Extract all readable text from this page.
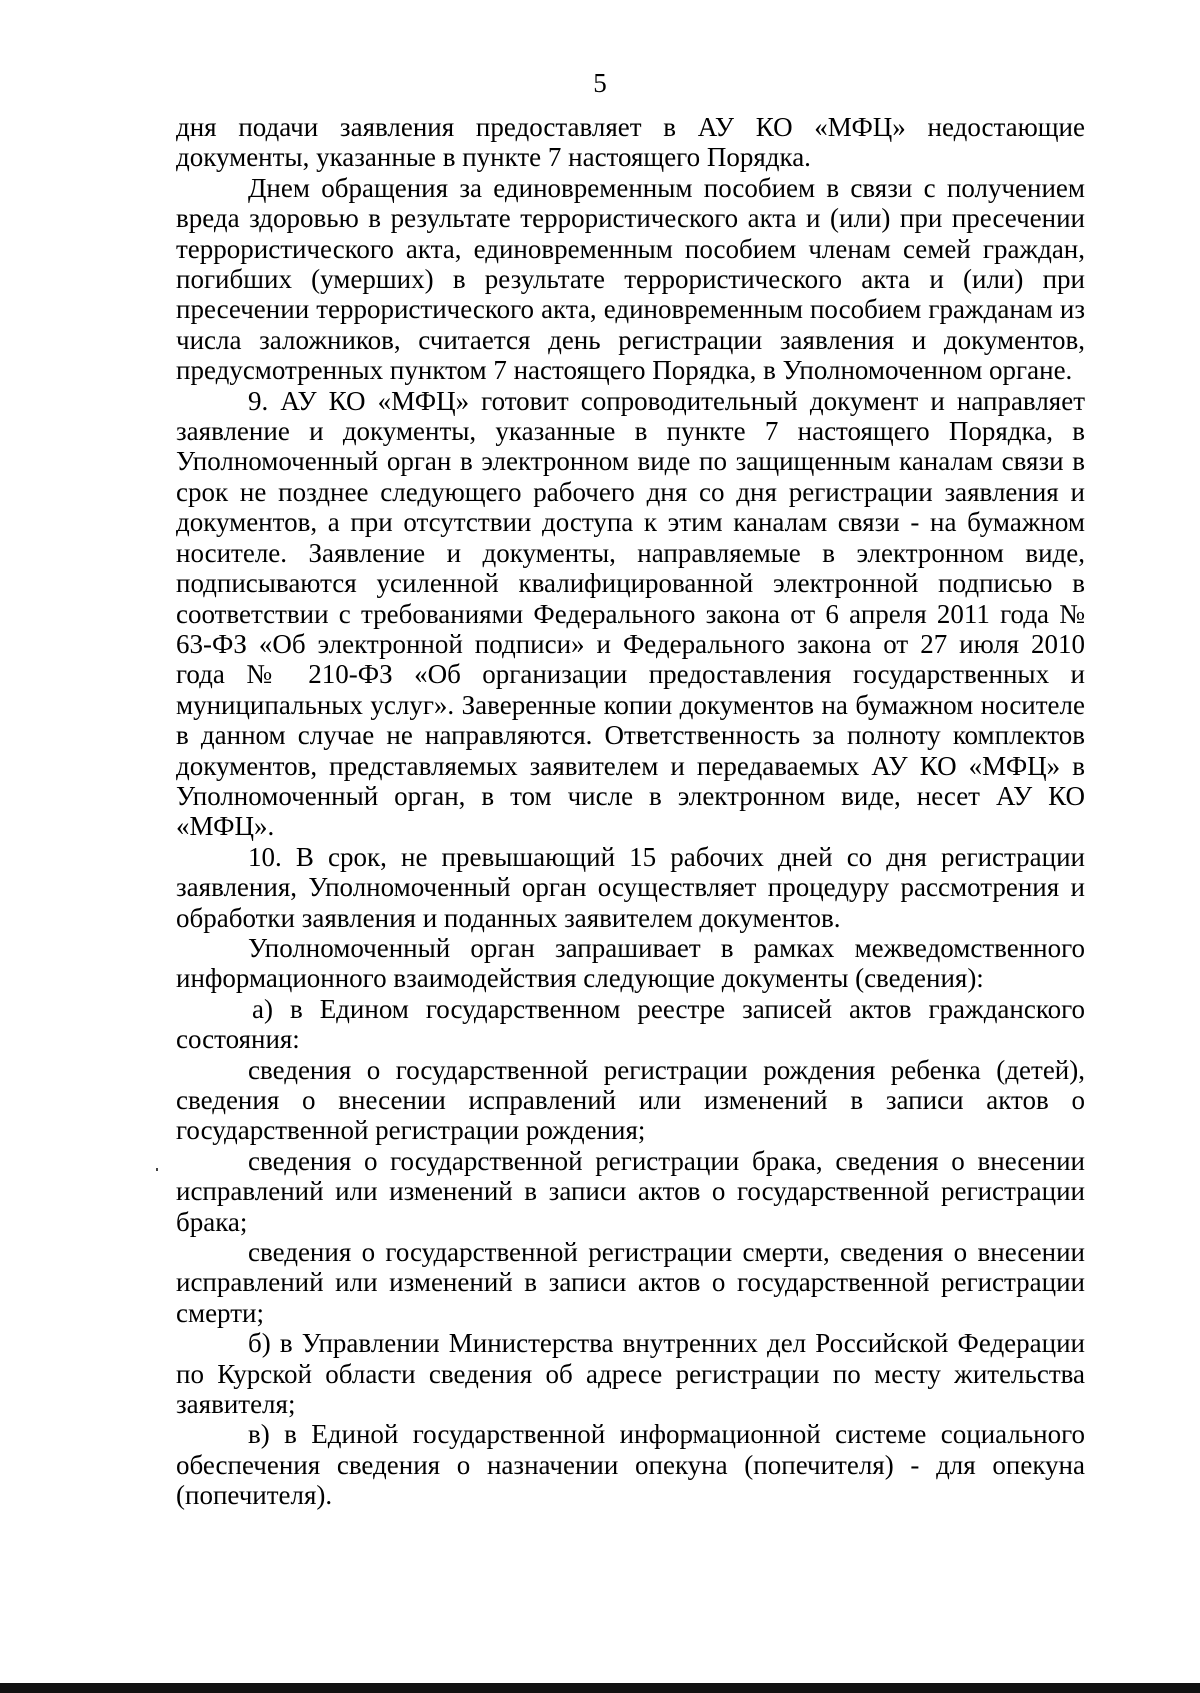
5

дня подачи заявления предоставляет в АУ КО «МФЦ» недостающие документы, указанные в пункте 7 настоящего Порядка.

Днем обращения за единовременным пособием в связи с получением вреда здоровью в результате террористического акта и (или) при пресечении террористического акта, единовременным пособием членам семей граждан, погибших (умерших) в результате террористического акта и (или) при пресечении террористического акта, единовременным пособием гражданам из числа заложников, считается день регистрации заявления и документов, предусмотренных пунктом 7 настоящего Порядка, в Уполномоченном органе.

9. АУ КО «МФЦ» готовит сопроводительный документ и направляет заявление и документы, указанные в пункте 7 настоящего Порядка, в Уполномоченный орган в электронном виде по защищенным каналам связи в срок не позднее следующего рабочего дня со дня регистрации заявления и документов, а при отсутствии доступа к этим каналам связи - на бумажном носителе. Заявление и документы, направляемые в электронном виде, подписываются усиленной квалифицированной электронной подписью в соответствии с требованиями Федерального закона от 6 апреля 2011 года № 63-ФЗ «Об электронной подписи» и Федерального закона от 27 июля 2010 года № 210-ФЗ «Об организации предоставления государственных и муниципальных услуг». Заверенные копии документов на бумажном носителе в данном случае не направляются. Ответственность за полноту комплектов документов, представляемых заявителем и передаваемых АУ КО «МФЦ» в Уполномоченный орган, в том числе в электронном виде, несет АУ КО «МФЦ».

10. В срок, не превышающий 15 рабочих дней со дня регистрации заявления, Уполномоченный орган осуществляет процедуру рассмотрения и обработки заявления и поданных заявителем документов.

Уполномоченный орган запрашивает в рамках межведомственного информационного взаимодействия следующие документы (сведения):

а) в Едином государственном реестре записей актов гражданского состояния:

сведения о государственной регистрации рождения ребенка (детей), сведения о внесении исправлений или изменений в записи актов о государственной регистрации рождения;

сведения о государственной регистрации брака, сведения о внесении исправлений или изменений в записи актов о государственной регистрации брака;

сведения о государственной регистрации смерти, сведения о внесении исправлений или изменений в записи актов о государственной регистрации смерти;

б) в Управлении Министерства внутренних дел Российской Федерации по Курской области сведения об адресе регистрации по месту жительства заявителя;

в) в Единой государственной информационной системе социального обеспечения сведения о назначении опекуна (попечителя) - для опекуна (попечителя).
